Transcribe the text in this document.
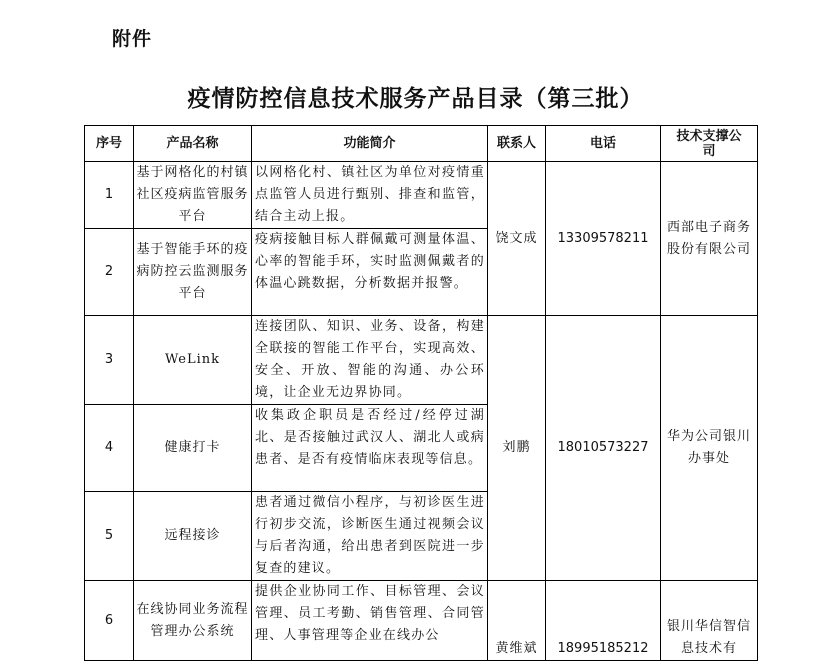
附件
疫情防控信息技术服务产品目录（第三批）
序号	产品名称	功能简介	联系人	电话	技术支撑公司
1	基于网格化的村镇社区疫病监管服务平台	以网格化村、镇社区为单位对疫情重点监管人员进行甄别、排查和监管，结合主动上报。	饶文成	13309578211	西部电子商务股份有限公司
2	基于智能手环的疫病防控云监测服务平台	疫病接触目标人群佩戴可测量体温、心率的智能手环，实时监测佩戴者的体温心跳数据，分析数据并报警。			
3	WeLink	连接团队、知识、业务、设备，构建全联接的智能工作平台，实现高效、安全、开放、智能的沟通、办公环境，让企业无边界协同。	刘鹏	18010573227	华为公司银川办事处
4	健康打卡	收集政企职员是否经过/经停过湖北、是否接触过武汉人、湖北人或病患者、是否有疫情临床表现等信息。			
5	远程接诊	患者通过微信小程序，与初诊医生进行初步交流，诊断医生通过视频会议与后者沟通，给出患者到医院进一步复查的建议。			
6	在线协同业务流程管理办公系统	提供企业协同工作、目标管理、会议管理、员工考勤、销售管理、合同管理、人事管理等企业在线办公	黄维斌	18995185212	银川华信智信息技术有
